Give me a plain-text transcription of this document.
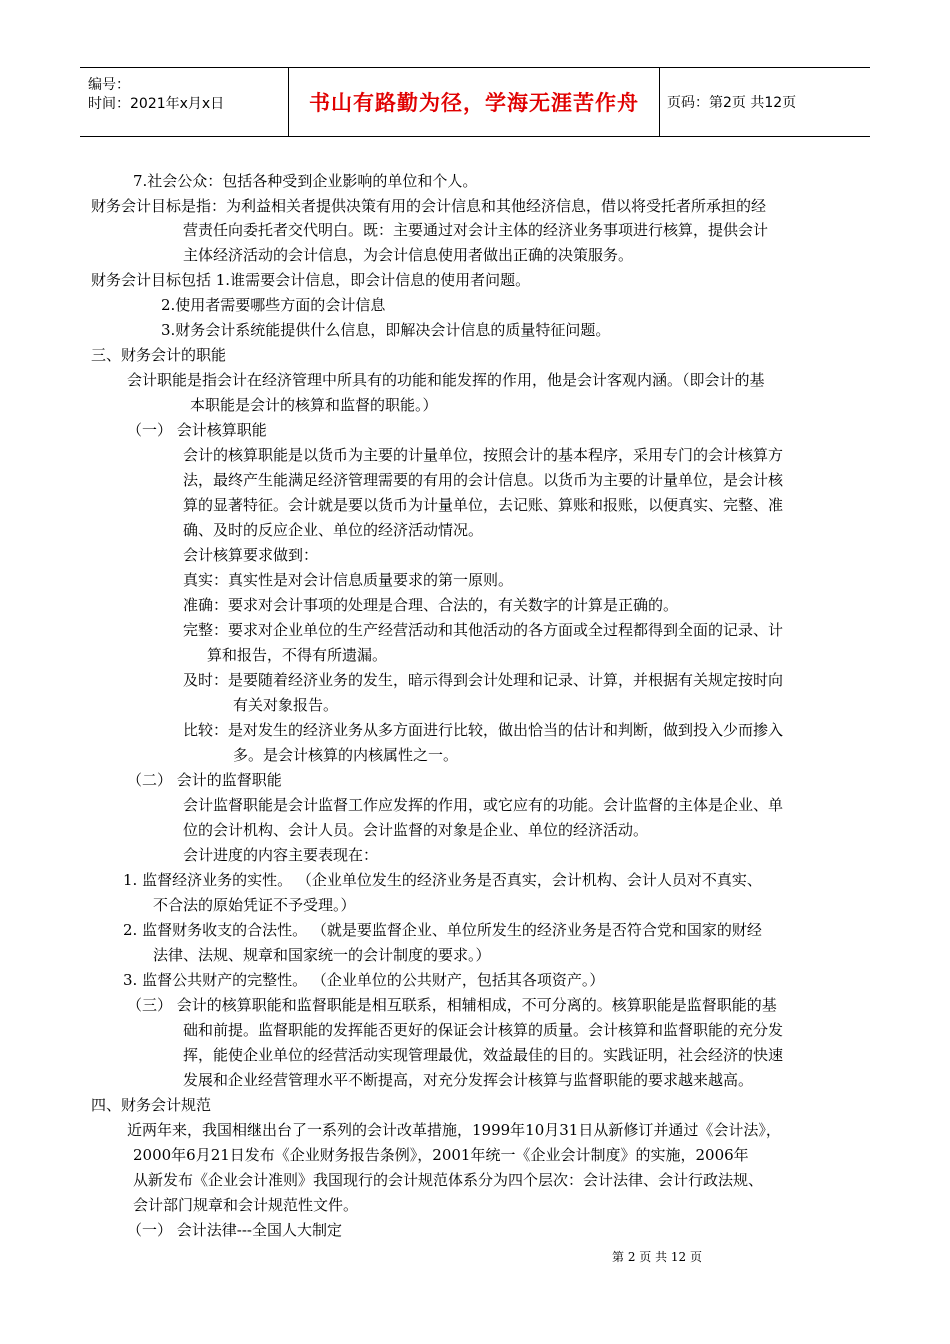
编号：
时间：2021年x月x日	书山有路勤为径，学海无涯苦作舟	页码：第2页 共12页
7.社会公众：包括各种受到企业影响的单位和个人。
财务会计目标是指：为利益相关者提供决策有用的会计信息和其他经济信息，借以将受托者所承担的经
营责任向委托者交代明白。既：主要通过对会计主体的经济业务事项进行核算，提供会计
主体经济活动的会计信息，为会计信息使用者做出正确的决策服务。
财务会计目标包括 1.谁需要会计信息，即会计信息的使用者问题。
2.使用者需要哪些方面的会计信息
3.财务会计系统能提供什么信息，即解决会计信息的质量特征问题。
三、财务会计的职能
会计职能是指会计在经济管理中所具有的功能和能发挥的作用，他是会计客观内涵。（即会计的基
本职能是会计的核算和监督的职能。）
（一） 会计核算职能
会计的核算职能是以货币为主要的计量单位，按照会计的基本程序，采用专门的会计核算方
法，最终产生能满足经济管理需要的有用的会计信息。以货币为主要的计量单位，是会计核
算的显著特征。会计就是要以货币为计量单位，去记账、算账和报账，以便真实、完整、准
确、及时的反应企业、单位的经济活动情况。
会计核算要求做到：
真实：真实性是对会计信息质量要求的第一原则。
准确：要求对会计事项的处理是合理、合法的，有关数字的计算是正确的。
完整：要求对企业单位的生产经营活动和其他活动的各方面或全过程都得到全面的记录、计
算和报告，不得有所遗漏。
及时：是要随着经济业务的发生，暗示得到会计处理和记录、计算，并根据有关规定按时向
有关对象报告。
比较：是对发生的经济业务从多方面进行比较，做出恰当的估计和判断，做到投入少而掺入
多。是会计核算的内核属性之一。
（二） 会计的监督职能
会计监督职能是会计监督工作应发挥的作用，或它应有的功能。会计监督的主体是企业、单
位的会计机构、会计人员。会计监督的对象是企业、单位的经济活动。
会计进度的内容主要表现在：
1. 监督经济业务的实性。 （企业单位发生的经济业务是否真实，会计机构、会计人员对不真实、
不合法的原始凭证不予受理。）
2. 监督财务收支的合法性。 （就是要监督企业、单位所发生的经济业务是否符合党和国家的财经
法律、法规、规章和国家统一的会计制度的要求。）
3. 监督公共财产的完整性。 （企业单位的公共财产，包括其各项资产。）
（三） 会计的核算职能和监督职能是相互联系，相辅相成，不可分离的。核算职能是监督职能的基
础和前提。监督职能的发挥能否更好的保证会计核算的质量。会计核算和监督职能的充分发
挥，能使企业单位的经营活动实现管理最优，效益最佳的目的。实践证明，社会经济的快速
发展和企业经营管理水平不断提高，对充分发挥会计核算与监督职能的要求越来越高。
四、财务会计规范
近两年来，我国相继出台了一系列的会计改革措施，1999年10月31日从新修订并通过《会计法》，
2000年6月21日发布《企业财务报告条例》，2001年统一《企业会计制度》的实施，2006年
从新发布《企业会计准则》我国现行的会计规范体系分为四个层次：会计法律、会计行政法规、
会计部门规章和会计规范性文件。
（一） 会计法律---全国人大制定
第 2 页 共 12 页
